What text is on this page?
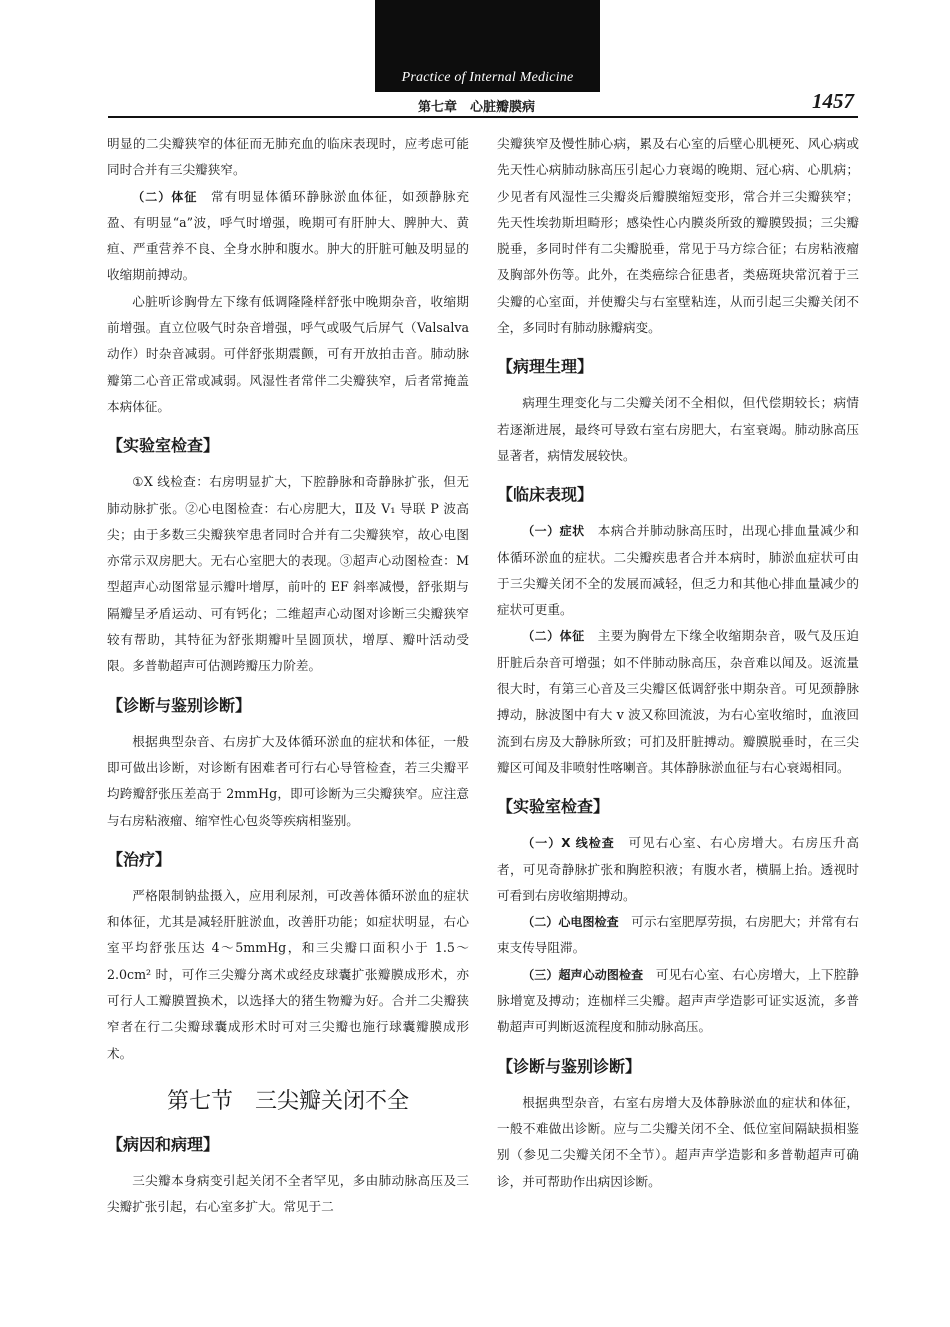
Practice of Internal Medicine
第七章　心脏瓣膜病	1457

明显的二尖瓣狭窄的体征而无肺充血的临床表现时，应考虑可能同时合并有三尖瓣狭窄。

（二）体征　常有明显体循环静脉淤血体征，如颈静脉充盈、有明显“a”波，呼气时增强，晚期可有肝肿大、脾肿大、黄疸、严重营养不良、全身水肿和腹水。肿大的肝脏可触及明显的收缩期前搏动。

心脏听诊胸骨左下缘有低调隆隆样舒张中晚期杂音，收缩期前增强。直立位吸气时杂音增强，呼气或吸气后屏气（Valsalva 动作）时杂音减弱。可伴舒张期震颤，可有开放拍击音。肺动脉瓣第二心音正常或减弱。风湿性者常伴二尖瓣狭窄，后者常掩盖本病体征。

【实验室检查】

①X 线检查：右房明显扩大，下腔静脉和奇静脉扩张，但无肺动脉扩张。②心电图检查：右心房肥大，Ⅱ及 V₁ 导联 P 波高尖；由于多数三尖瓣狭窄患者同时合并有二尖瓣狭窄，故心电图亦常示双房肥大。无右心室肥大的表现。③超声心动图检查：M 型超声心动图常显示瓣叶增厚，前叶的 EF 斜率减慢，舒张期与隔瓣呈矛盾运动、可有钙化；二维超声心动图对诊断三尖瓣狭窄较有帮助，其特征为舒张期瓣叶呈圆顶状，增厚、瓣叶活动受限。多普勒超声可估测跨瓣压力阶差。

【诊断与鉴别诊断】

根据典型杂音、右房扩大及体循环淤血的症状和体征，一般即可做出诊断，对诊断有困难者可行右心导管检查，若三尖瓣平均跨瓣舒张压差高于 2mmHg，即可诊断为三尖瓣狭窄。应注意与右房粘液瘤、缩窄性心包炎等疾病相鉴别。

【治疗】

严格限制钠盐摄入，应用利尿剂，可改善体循环淤血的症状和体征，尤其是减轻肝脏淤血，改善肝功能；如症状明显，右心室平均舒张压达 4～5mmHg，和三尖瓣口面积小于 1.5～2.0cm² 时，可作三尖瓣分离术或经皮球囊扩张瓣膜成形术，亦可行人工瓣膜置换术，以选择大的猪生物瓣为好。合并二尖瓣狭窄者在行二尖瓣球囊成形术时可对三尖瓣也施行球囊瓣膜成形术。

第七节　三尖瓣关闭不全
【病因和病理】

三尖瓣本身病变引起关闭不全者罕见，多由肺动脉高压及三尖瓣扩张引起，右心室多扩大。常见于二

尖瓣狭窄及慢性肺心病，累及右心室的后壁心肌梗死、风心病或先天性心病肺动脉高压引起心力衰竭的晚期、冠心病、心肌病；少见者有风湿性三尖瓣炎后瓣膜缩短变形，常合并三尖瓣狭窄；先天性埃勃斯坦畸形；感染性心内膜炎所致的瓣膜毁损；三尖瓣脱垂，多同时伴有二尖瓣脱垂，常见于马方综合征；右房粘液瘤及胸部外伤等。此外，在类癌综合征患者，类癌斑块常沉着于三尖瓣的心室面，并使瓣尖与右室壁粘连，从而引起三尖瓣关闭不全，多同时有肺动脉瓣病变。

【病理生理】

病理生理变化与二尖瓣关闭不全相似，但代偿期较长；病情若逐渐进展，最终可导致右室右房肥大，右室衰竭。肺动脉高压显著者，病情发展较快。

【临床表现】

（一）症状　本病合并肺动脉高压时，出现心排血量减少和体循环淤血的症状。二尖瓣疾患者合并本病时，肺淤血症状可由于三尖瓣关闭不全的发展而减轻，但乏力和其他心排血量减少的症状可更重。

（二）体征　主要为胸骨左下缘全收缩期杂音，吸气及压迫肝脏后杂音可增强；如不伴肺动脉高压，杂音难以闻及。返流量很大时，有第三心音及三尖瓣区低调舒张中期杂音。可见颈静脉搏动，脉波图中有大 v 波又称回流波，为右心室收缩时，血液回流到右房及大静脉所致；可扪及肝脏搏动。瓣膜脱垂时，在三尖瓣区可闻及非喷射性喀喇音。其体静脉淤血征与右心衰竭相同。

【实验室检查】

（一）X 线检查　可见右心室、右心房增大。右房压升高者，可见奇静脉扩张和胸腔积液；有腹水者，横膈上抬。透视时可看到右房收缩期搏动。

（二）心电图检查　可示右室肥厚劳损，右房肥大；并常有右束支传导阻滞。

（三）超声心动图检查　可见右心室、右心房增大，上下腔静脉增宽及搏动；连枷样三尖瓣。超声声学造影可证实返流，多普勒超声可判断返流程度和肺动脉高压。

【诊断与鉴别诊断】

根据典型杂音，右室右房增大及体静脉淤血的症状和体征，一般不难做出诊断。应与二尖瓣关闭不全、低位室间隔缺损相鉴别（参见二尖瓣关闭不全节）。超声声学造影和多普勒超声可确诊，并可帮助作出病因诊断。
